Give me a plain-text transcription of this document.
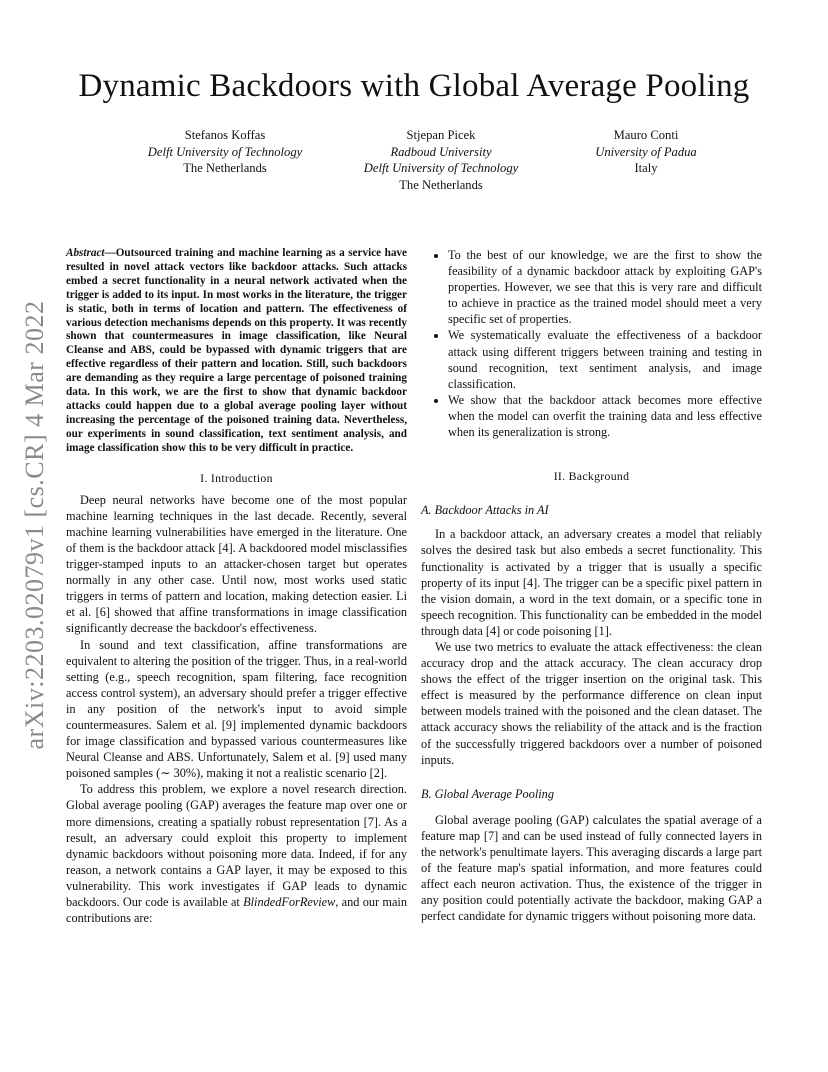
arXiv:2203.02079v1 [cs.CR] 4 Mar 2022
Dynamic Backdoors with Global Average Pooling
Stefanos Koffas
Delft University of Technology
The Netherlands
Stjepan Picek
Radboud University
Delft University of Technology
The Netherlands
Mauro Conti
University of Padua
Italy
Abstract—Outsourced training and machine learning as a service have resulted in novel attack vectors like backdoor attacks. Such attacks embed a secret functionality in a neural network activated when the trigger is added to its input. In most works in the literature, the trigger is static, both in terms of location and pattern. The effectiveness of various detection mechanisms depends on this property. It was recently shown that countermeasures in image classification, like Neural Cleanse and ABS, could be bypassed with dynamic triggers that are effective regardless of their pattern and location. Still, such backdoors are demanding as they require a large percentage of poisoned training data. In this work, we are the first to show that dynamic backdoor attacks could happen due to a global average pooling layer without increasing the percentage of the poisoned training data. Nevertheless, our experiments in sound classification, text sentiment analysis, and image classification show this to be very difficult in practice.
I. Introduction

Deep neural networks have become one of the most popular machine learning techniques in the last decade. Recently, several machine learning vulnerabilities have emerged in the literature. One of them is the backdoor attack [4]. A backdoored model misclassifies trigger-stamped inputs to an attacker-chosen target but operates normally in any other case. Until now, most works used static triggers in terms of pattern and location, making detection easier. Li et al. [6] showed that affine transformations in image classification significantly decrease the backdoor's effectiveness.

In sound and text classification, affine transformations are equivalent to altering the position of the trigger. Thus, in a real-world setting (e.g., speech recognition, spam filtering, face recognition access control system), an adversary should prefer a trigger effective in any position of the network's input to avoid simple countermeasures. Salem et al. [9] implemented dynamic backdoors for image classification and bypassed various countermeasures like Neural Cleanse and ABS. Unfortunately, Salem et al. [9] used many poisoned samples (∼ 30%), making it not a realistic scenario [2].

To address this problem, we explore a novel research direction. Global average pooling (GAP) averages the feature map over one or more dimensions, creating a spatially robust representation [7]. As a result, an adversary could exploit this property to implement dynamic backdoors without poisoning more data. Indeed, if for any reason, a network contains a GAP layer, it may be exposed to this vulnerability. This work investigates if GAP leads to dynamic backdoors. Our code is available at BlindedForReview, and our main contributions are:

• To the best of our knowledge, we are the first to show the feasibility of a dynamic backdoor attack by exploiting GAP's properties. However, we see that this is very rare and difficult to achieve in practice as the trained model should meet a very specific set of properties.
• We systematically evaluate the effectiveness of a backdoor attack using different triggers between training and testing in sound recognition, text sentiment analysis, and image classification.
• We show that the backdoor attack becomes more effective when the model can overfit the training data and less effective when its generalization is strong.
II. Background
A. Backdoor Attacks in AI

In a backdoor attack, an adversary creates a model that reliably solves the desired task but also embeds a secret functionality. This functionality is activated by a trigger that is usually a specific property of its input [4]. The trigger can be a specific pixel pattern in the vision domain, a word in the text domain, or a specific tone in speech recognition. This functionality can be embedded in the model through data [4] or code poisoning [1].

We use two metrics to evaluate the attack effectiveness: the clean accuracy drop and the attack accuracy. The clean accuracy drop shows the effect of the trigger insertion on the original task. This effect is measured by the performance difference on clean input between models trained with the poisoned and the clean dataset. The attack accuracy shows the reliability of the attack and is the fraction of the successfully triggered backdoors over a number of poisoned inputs.

B. Global Average Pooling

Global average pooling (GAP) calculates the spatial average of a feature map [7] and can be used instead of fully connected layers in the network's penultimate layers. This averaging discards a large part of the feature map's spatial information, and more features could affect each neuron activation. Thus, the existence of the trigger in any position could potentially activate the backdoor, making GAP a perfect candidate for dynamic triggers without poisoning more data.
